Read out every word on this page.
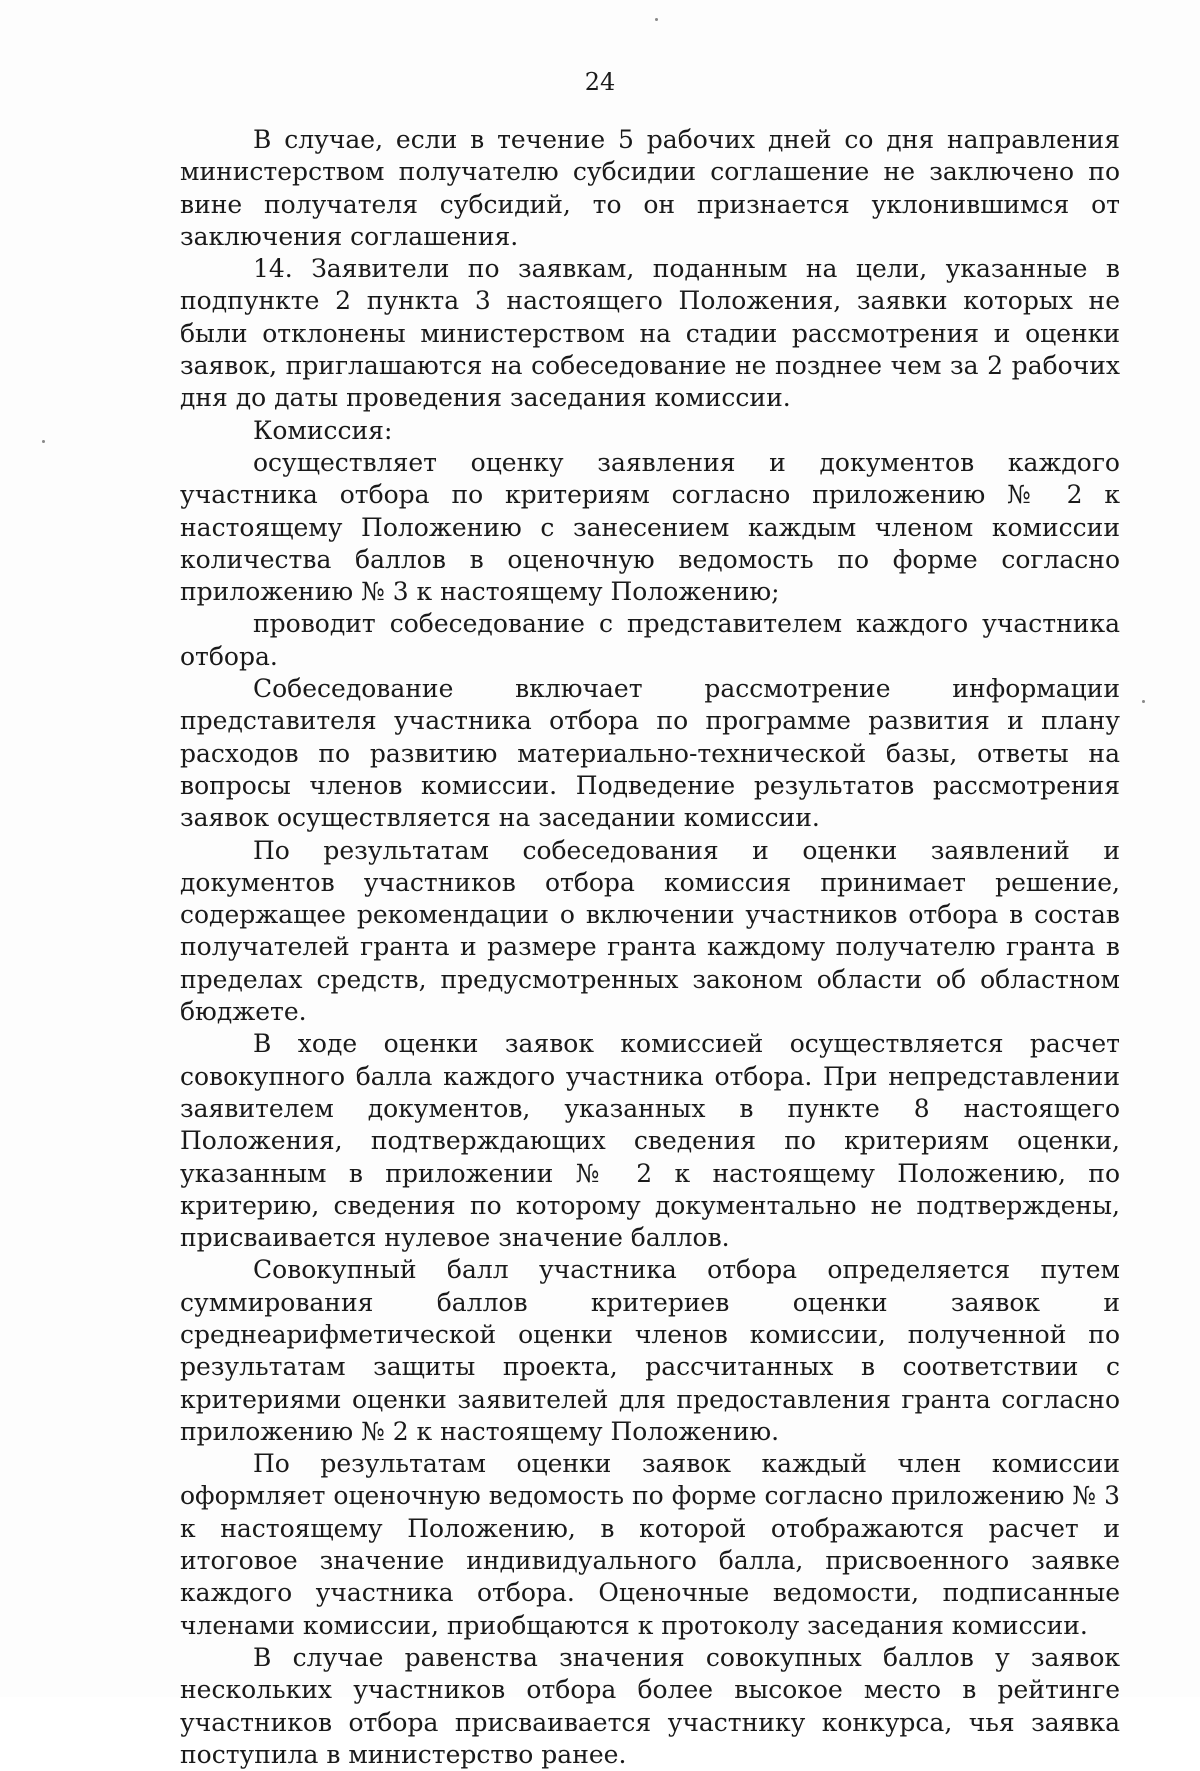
24

В случае, если в течение 5 рабочих дней со дня направления министерством получателю субсидии соглашение не заключено по вине получателя субсидий, то он признается уклонившимся от заключения соглашения.

14. Заявители по заявкам, поданным на цели, указанные в подпункте 2 пункта 3 настоящего Положения, заявки которых не были отклонены министерством на стадии рассмотрения и оценки заявок, приглашаются на собеседование не позднее чем за 2 рабочих дня до даты проведения заседания комиссии.

Комиссия:

осуществляет оценку заявления и документов каждого участника отбора по критериям согласно приложению № 2 к настоящему Положению с занесением каждым членом комиссии количества баллов в оценочную ведомость по форме согласно приложению № 3 к настоящему Положению;

проводит собеседование с представителем каждого участника отбора.

Собеседование включает рассмотрение информации представителя участника отбора по программе развития и плану расходов по развитию материально-технической базы, ответы на вопросы членов комиссии. Подведение результатов рассмотрения заявок осуществляется на заседании комиссии.

По результатам собеседования и оценки заявлений и документов участников отбора комиссия принимает решение, содержащее рекомендации о включении участников отбора в состав получателей гранта и размере гранта каждому получателю гранта в пределах средств, предусмотренных законом области об областном бюджете.

В ходе оценки заявок комиссией осуществляется расчет совокупного балла каждого участника отбора. При непредставлении заявителем документов, указанных в пункте 8 настоящего Положения, подтверждающих сведения по критериям оценки, указанным в приложении № 2 к настоящему Положению, по критерию, сведения по которому документально не подтверждены, присваивается нулевое значение баллов.

Совокупный балл участника отбора определяется путем суммирования баллов критериев оценки заявок и среднеарифметической оценки членов комиссии, полученной по результатам защиты проекта, рассчитанных в соответствии с критериями оценки заявителей для предоставления гранта согласно приложению № 2 к настоящему Положению.

По результатам оценки заявок каждый член комиссии оформляет оценочную ведомость по форме согласно приложению № 3 к настоящему Положению, в которой отображаются расчет и итоговое значение индивидуального балла, присвоенного заявке каждого участника отбора. Оценочные ведомости, подписанные членами комиссии, приобщаются к протоколу заседания комиссии.

В случае равенства значения совокупных баллов у заявок нескольких участников отбора более высокое место в рейтинге участников отбора присваивается участнику конкурса, чья заявка поступила в министерство ранее.
